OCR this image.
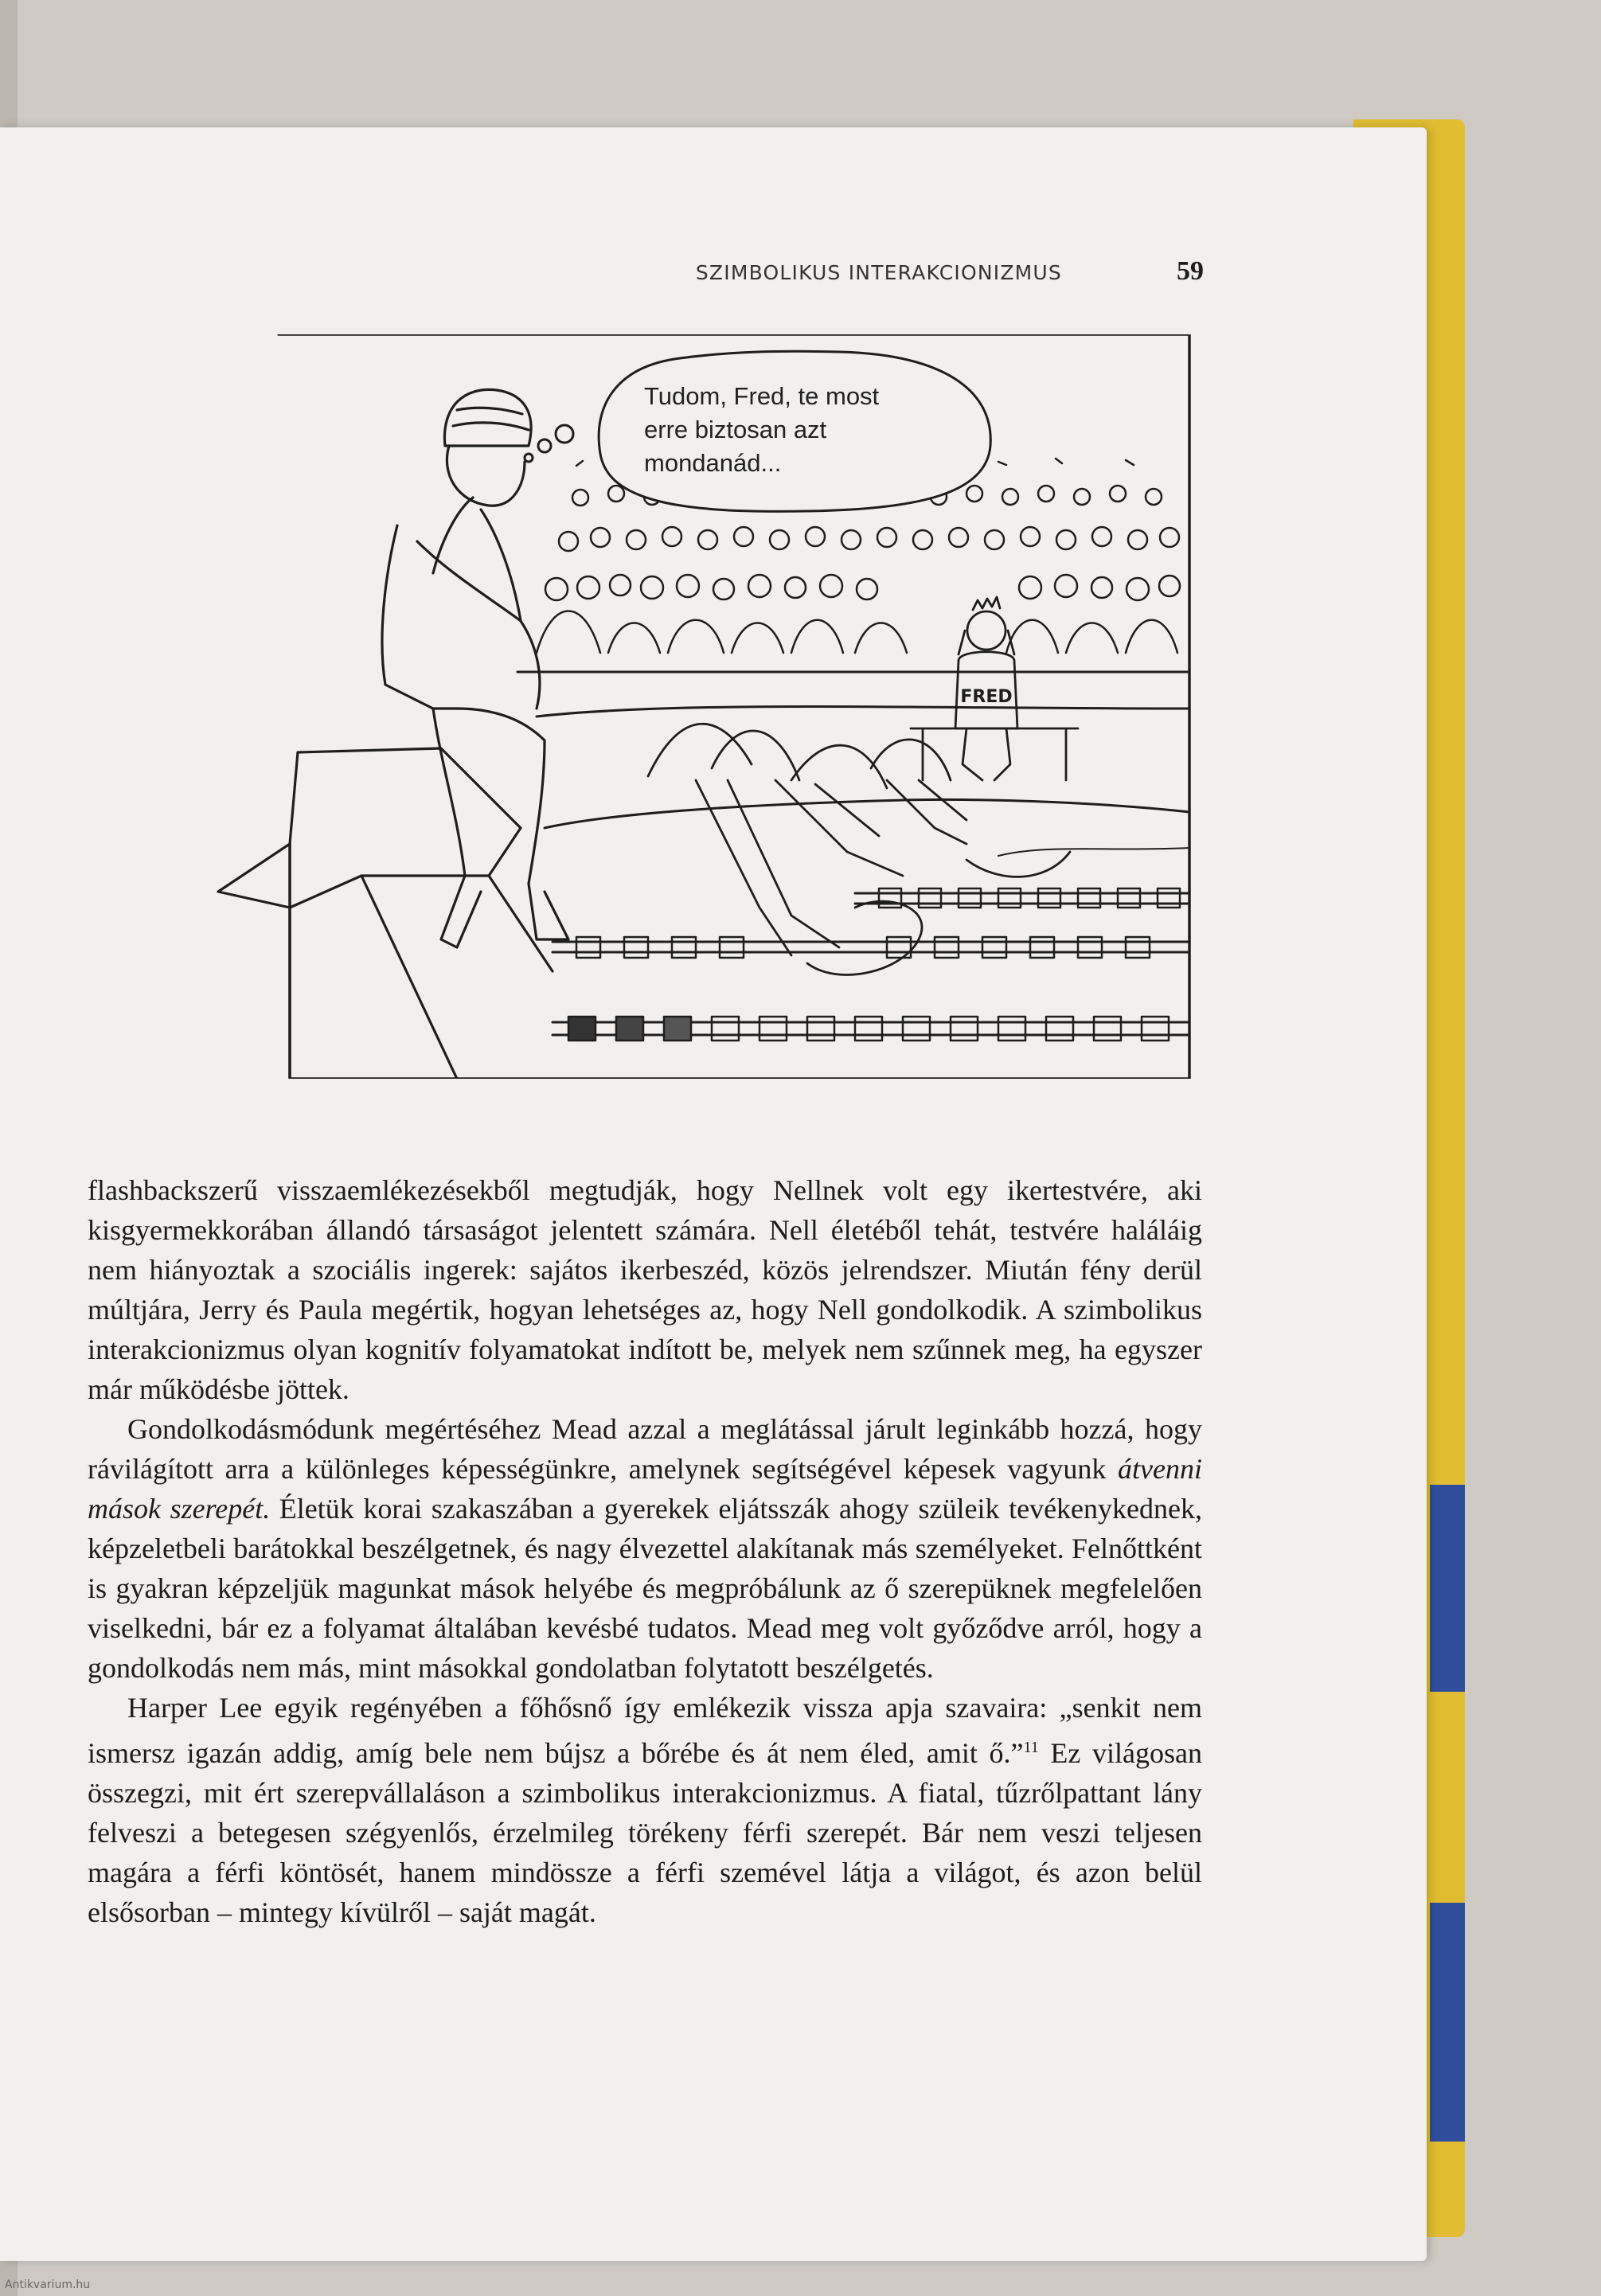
SZIMBOLIKUS INTERAKCIONIZMUS	59
FRED
Tudom, Fred, te most
erre biztosan azt
mondanád...

flashbackszerű visszaemlékezésekből megtudják, hogy Nellnek volt egy ikertestvére, aki kisgyermekkorában állandó társaságot jelentett számára. Nell életéből tehát, testvére haláláig nem hiányoztak a szociális ingerek: sajátos ikerbeszéd, közös jelrendszer. Miután fény derül múltjára, Jerry és Paula megértik, hogyan lehetséges az, hogy Nell gondolkodik. A szimbolikus interakcionizmus olyan kognitív folyamatokat indított be, melyek nem szűnnek meg, ha egyszer már működésbe jöttek.

Gondolkodásmódunk megértéséhez Mead azzal a meglátással járult leginkább hozzá, hogy rávilágított arra a különleges képességünkre, amelynek segítségével képesek vagyunk átvenni mások szerepét. Életük korai szakaszában a gyerekek eljátsszák ahogy szüleik tevékenykednek, képzeletbeli barátokkal beszélgetnek, és nagy élvezettel alakítanak más személyeket. Felnőttként is gyakran képzeljük magunkat mások helyébe és megpróbálunk az ő szerepüknek megfelelően viselkedni, bár ez a folyamat általában kevésbé tudatos. Mead meg volt győződve arról, hogy a gondolkodás nem más, mint másokkal gondolatban folytatott beszélgetés.

Harper Lee egyik regényében a főhősnő így emlékezik vissza apja szavaira: „senkit nem ismersz igazán addig, amíg bele nem bújsz a bőrébe és át nem éled, amit ő.”$^{11}$ Ez világosan összegzi, mit ért szerepvállaláson a szimbolikus interakcionizmus. A fiatal, tűzrőlpattant lány felveszi a betegesen szégyenlős, érzelmileg törékeny férfi szerepét. Bár nem veszi teljesen magára a férfi köntösét, hanem mindössze a férfi szemével látja a világot, és azon belül elsősorban – mintegy kívülről – saját magát.

Antikvarium.hu
